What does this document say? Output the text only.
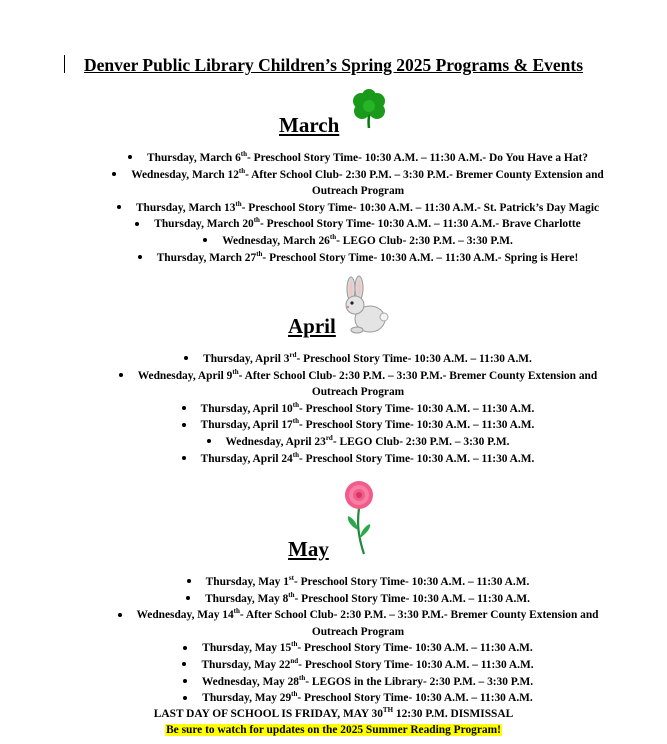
Denver Public Library Children’s Spring 2025 Programs & Events
March
Thursday, March 6th- Preschool Story Time- 10:30 A.M. – 11:30 A.M.- Do You Have a Hat?
Wednesday, March 12th- After School Club- 2:30 P.M. – 3:30 P.M.- Bremer County Extension and Outreach Program
Thursday, March 13th- Preschool Story Time- 10:30 A.M. – 11:30 A.M.- St. Patrick’s Day Magic
Thursday, March 20th- Preschool Story Time- 10:30 A.M. – 11:30 A.M.- Brave Charlotte
Wednesday, March 26th- LEGO Club- 2:30 P.M. – 3:30 P.M.
Thursday, March 27th- Preschool Story Time- 10:30 A.M. – 11:30 A.M.- Spring is Here!
April
Thursday, April 3rd- Preschool Story Time- 10:30 A.M. – 11:30 A.M.
Wednesday, April 9th- After School Club- 2:30 P.M. – 3:30 P.M.- Bremer County Extension and Outreach Program
Thursday, April 10th- Preschool Story Time- 10:30 A.M. – 11:30 A.M.
Thursday, April 17th- Preschool Story Time- 10:30 A.M. – 11:30 A.M.
Wednesday, April 23rd- LEGO Club- 2:30 P.M. – 3:30 P.M.
Thursday, April 24th- Preschool Story Time- 10:30 A.M. – 11:30 A.M.
May
Thursday, May 1st- Preschool Story Time- 10:30 A.M. – 11:30 A.M.
Thursday, May 8th- Preschool Story Time- 10:30 A.M. – 11:30 A.M.
Wednesday, May 14th- After School Club- 2:30 P.M. – 3:30 P.M.- Bremer County Extension and Outreach Program
Thursday, May 15th- Preschool Story Time- 10:30 A.M. – 11:30 A.M.
Thursday, May 22nd- Preschool Story Time- 10:30 A.M. – 11:30 A.M.
Wednesday, May 28th- LEGOS in the Library- 2:30 P.M. – 3:30 P.M.
Thursday, May 29th- Preschool Story Time- 10:30 A.M. – 11:30 A.M.
LAST DAY OF SCHOOL IS FRIDAY, MAY 30TH 12:30 P.M. DISMISSAL
Be sure to watch for updates on the 2025 Summer Reading Program!
